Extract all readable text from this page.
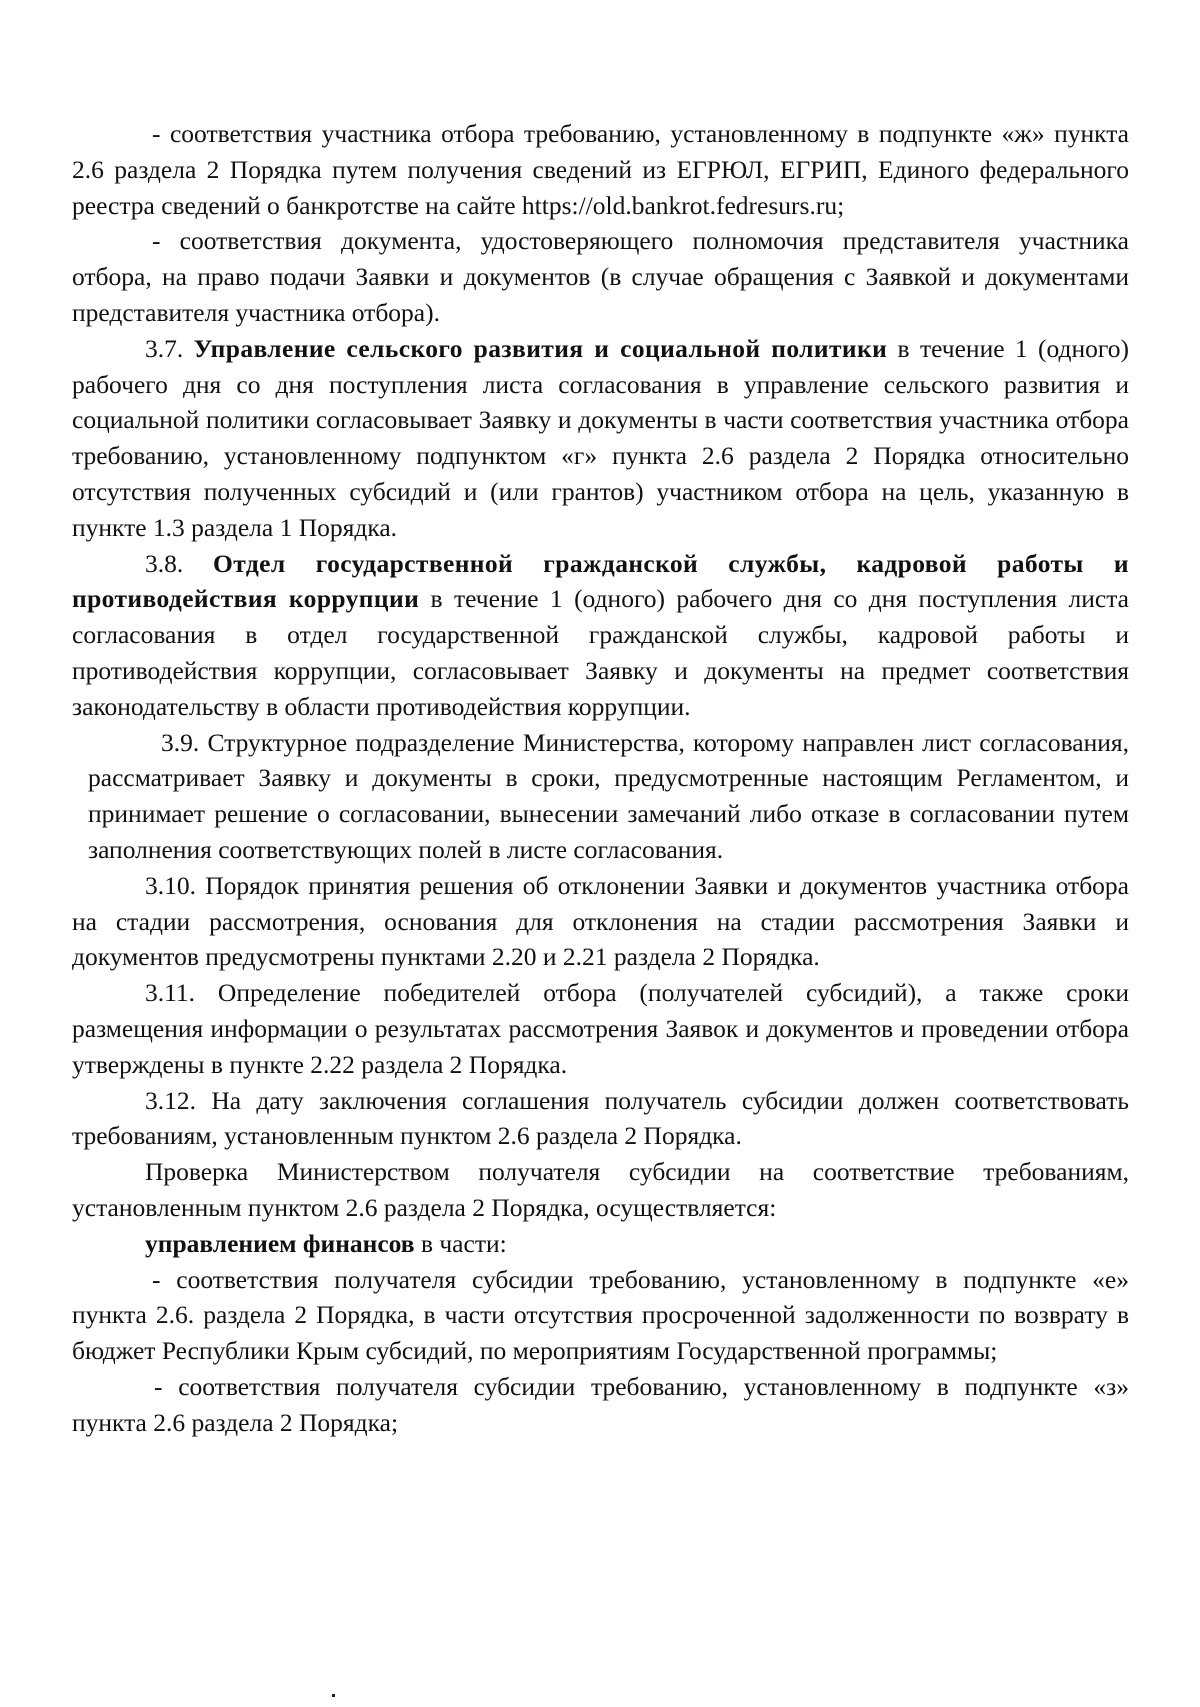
- соответствия участника отбора требованию, установленному в подпункте «ж» пункта 2.6 раздела 2 Порядка путем получения сведений из ЕГРЮЛ, ЕГРИП, Единого федерального реестра сведений о банкротстве на сайте https://old.bankrot.fedresurs.ru;

- соответствия документа, удостоверяющего полномочия представителя участника отбора, на право подачи Заявки и документов (в случае обращения с Заявкой и документами представителя участника отбора).

3.7. Управление сельского развития и социальной политики в течение 1 (одного) рабочего дня со дня поступления листа согласования в управление сельского развития и социальной политики согласовывает Заявку и документы в части соответствия участника отбора требованию, установленному подпунктом «г» пункта 2.6 раздела 2 Порядка относительно отсутствия полученных субсидий и (или грантов) участником отбора на цель, указанную в пункте 1.3 раздела 1 Порядка.

3.8. Отдел государственной гражданской службы, кадровой работы и противодействия коррупции в течение 1 (одного) рабочего дня со дня поступления листа согласования в отдел государственной гражданской службы, кадровой работы и противодействия коррупции, согласовывает Заявку и документы на предмет соответствия законодательству в области противодействия коррупции.

3.9. Структурное подразделение Министерства, которому направлен лист согласования, рассматривает Заявку и документы в сроки, предусмотренные настоящим Регламентом, и принимает решение о согласовании, вынесении замечаний либо отказе в согласовании путем заполнения соответствующих полей в листе согласования.

3.10. Порядок принятия решения об отклонении Заявки и документов участника отбора на стадии рассмотрения, основания для отклонения на стадии рассмотрения Заявки и документов предусмотрены пунктами 2.20 и 2.21 раздела 2 Порядка.

3.11. Определение победителей отбора (получателей субсидий), а также сроки размещения информации о результатах рассмотрения Заявок и документов и проведении отбора утверждены в пункте 2.22 раздела 2 Порядка.

3.12. На дату заключения соглашения получатель субсидии должен соответствовать требованиям, установленным пунктом 2.6 раздела 2 Порядка.

Проверка Министерством получателя субсидии на соответствие требованиям, установленным пунктом 2.6 раздела 2 Порядка, осуществляется:

управлением финансов в части:

- соответствия получателя субсидии требованию, установленному в подпункте «е» пункта 2.6. раздела 2 Порядка, в части отсутствия просроченной задолженности по возврату в бюджет Республики Крым субсидий, по мероприятиям Государственной программы;

- соответствия получателя субсидии требованию, установленному в подпункте «з» пункта 2.6 раздела 2 Порядка;
